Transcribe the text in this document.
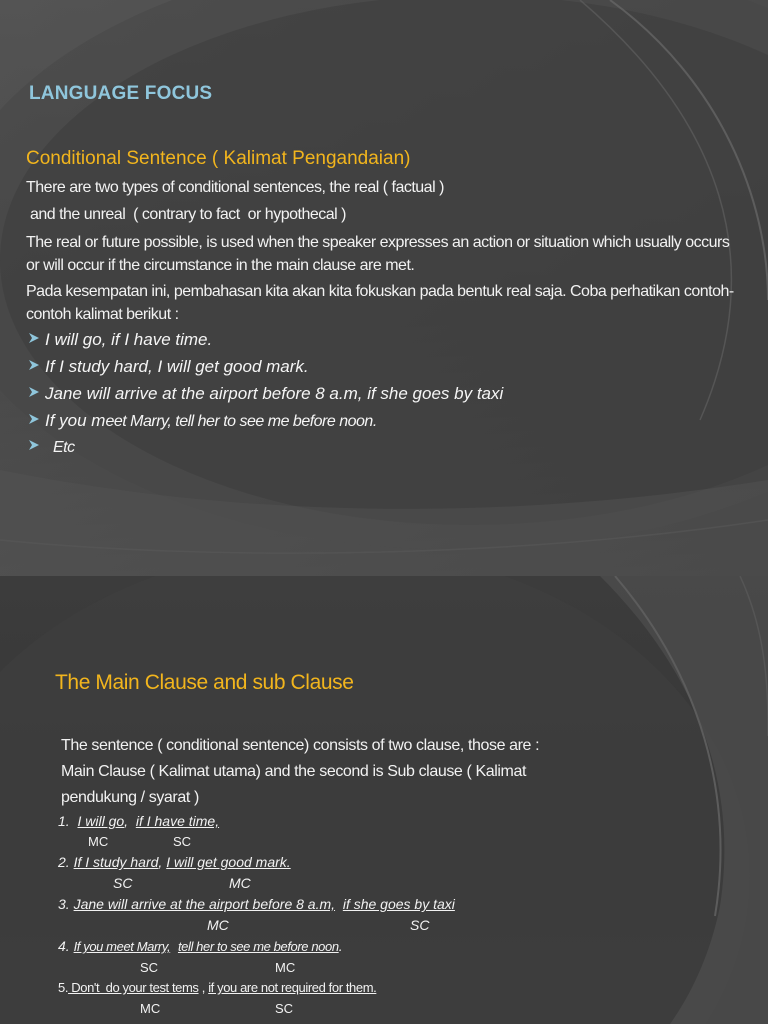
LANGUAGE FOCUS
Conditional Sentence ( Kalimat Pengandaian)
There are two types of conditional sentences, the real ( factual )
and the unreal  ( contrary to fact  or hypothecal )
The real or future possible, is used when the speaker expresses an action or situation which usually occurs or will occur if the circumstance in the main clause are met.
Pada kesempatan ini, pembahasan kita akan kita fokuskan pada bentuk real saja. Coba perhatikan contoh-contoh kalimat berikut :
I will go, if I have time.
If I study hard, I will get good mark.
Jane will arrive at the airport before 8 a.m, if she goes by taxi
If you m eet Marry, tell her to see me before noon.
Etc
The Main Clause and sub Clause
The sentence ( conditional sentence) consists of two clause, those are :
Main Clause ( Kalimat utama) and the second is Sub clause ( Kalimat
pendukung / syarat )
1.  I will go,  if I have time,
MC	SC
2. If I study hard, I will get good mark.
SC	MC
3. Jane will arrive at the airport before 8 a.m, if she goes by taxi
MC	SC
4. If you meet Marry, tell her to see me before noon.
SC	MC
5. Don't  do your test tems , if you are not required for them.
MC	SC
